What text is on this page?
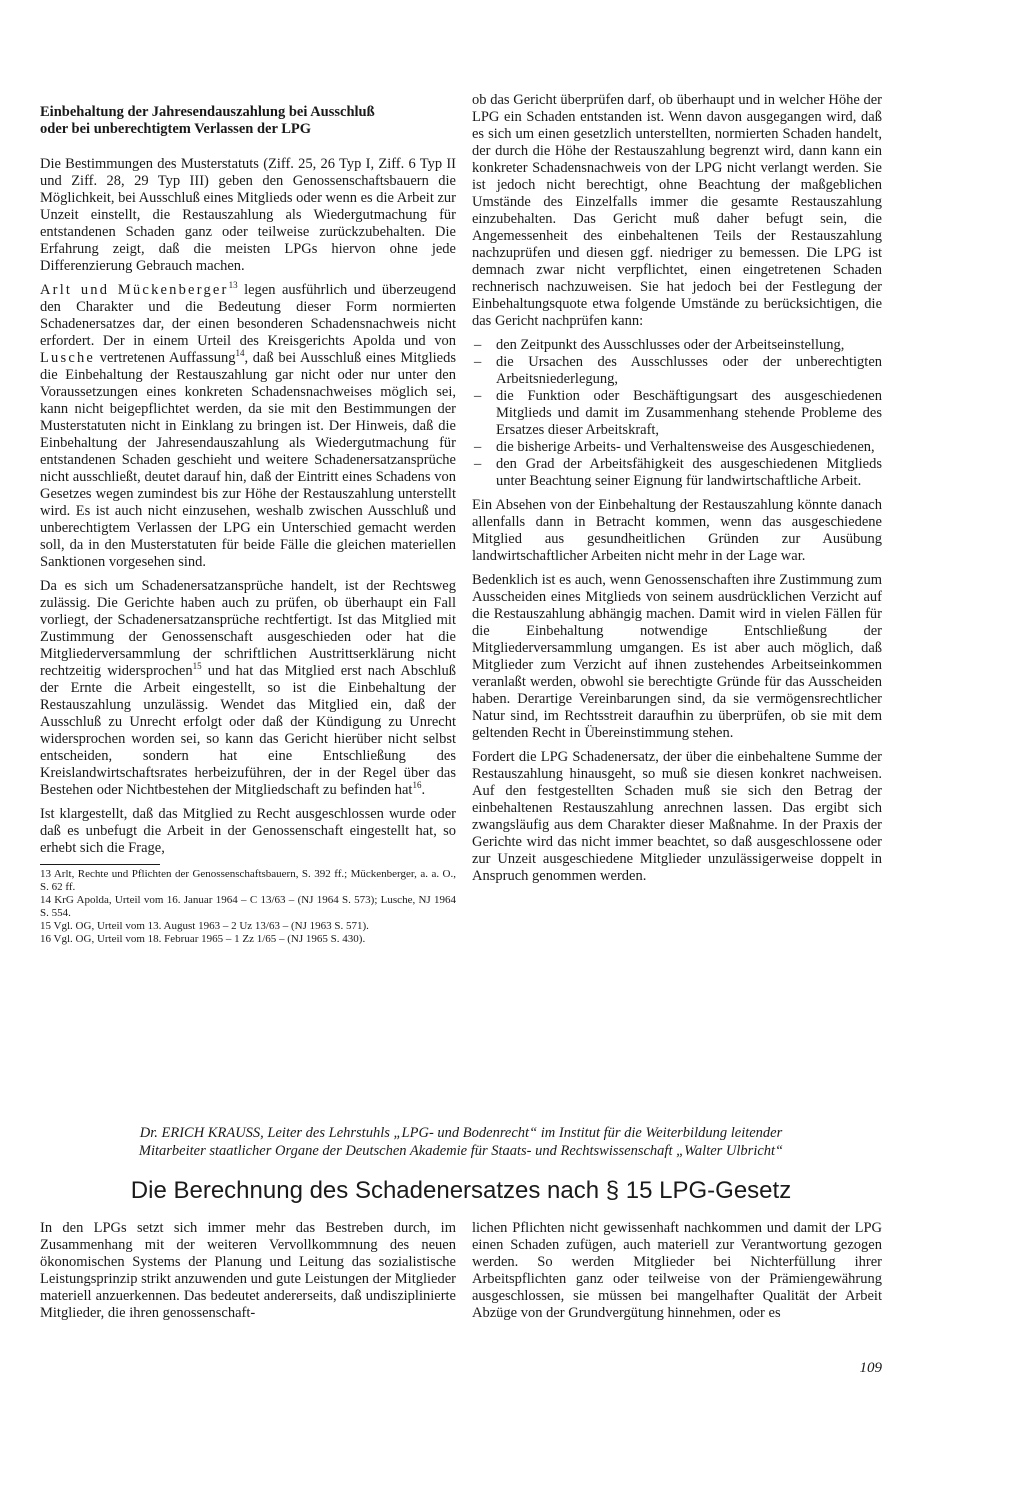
Einbehaltung der Jahresendauszahlung bei Ausschluß
oder bei unberechtigtem Verlassen der LPG

Die Bestimmungen des Musterstatuts (Ziff. 25, 26 Typ I, Ziff. 6 Typ II und Ziff. 28, 29 Typ III) geben den Genossenschaftsbauern die Möglichkeit, bei Ausschluß eines Mitglieds oder wenn es die Arbeit zur Unzeit einstellt, die Restauszahlung als Wiedergutmachung für entstandenen Schaden ganz oder teilweise zurückzubehalten. Die Erfahrung zeigt, daß die meisten LPGs hiervon ohne jede Differenzierung Gebrauch machen.

Arlt und Mückenberger$^{13}$ legen ausführlich und überzeugend den Charakter und die Bedeutung dieser Form normierten Schadenersatzes dar, der einen besonderen Schadensnachweis nicht erfordert. Der in einem Urteil des Kreisgerichts Apolda und von Lusche vertretenen Auffassung$^{14}$, daß bei Ausschluß eines Mitglieds die Einbehaltung der Restauszahlung gar nicht oder nur unter den Voraussetzungen eines konkreten Schadensnachweises möglich sei, kann nicht beigepflichtet werden, da sie mit den Bestimmungen der Musterstatuten nicht in Einklang zu bringen ist. Der Hinweis, daß die Einbehaltung der Jahresendauszahlung als Wiedergutmachung für entstandenen Schaden geschieht und weitere Schadenersatzansprüche nicht ausschließt, deutet darauf hin, daß der Eintritt eines Schadens von Gesetzes wegen zumindest bis zur Höhe der Restauszahlung unterstellt wird. Es ist auch nicht einzusehen, weshalb zwischen Ausschluß und unberechtigtem Verlassen der LPG ein Unterschied gemacht werden soll, da in den Musterstatuten für beide Fälle die gleichen materiellen Sanktionen vorgesehen sind.

Da es sich um Schadenersatzansprüche handelt, ist der Rechtsweg zulässig. Die Gerichte haben auch zu prüfen, ob überhaupt ein Fall vorliegt, der Schadenersatzansprüche rechtfertigt. Ist das Mitglied mit Zustimmung der Genossenschaft ausgeschieden oder hat die Mitgliederversammlung der schriftlichen Austrittserklärung nicht rechtzeitig widersprochen$^{15}$ und hat das Mitglied erst nach Abschluß der Ernte die Arbeit eingestellt, so ist die Einbehaltung der Restauszahlung unzulässig. Wendet das Mitglied ein, daß der Ausschluß zu Unrecht erfolgt oder daß der Kündigung zu Unrecht widersprochen worden sei, so kann das Gericht hierüber nicht selbst entscheiden, sondern hat eine Entschließung des Kreislandwirtschaftsrates herbeizuführen, der in der Regel über das Bestehen oder Nichtbestehen der Mitgliedschaft zu befinden hat$^{16}$.

Ist klargestellt, daß das Mitglied zu Recht ausgeschlossen wurde oder daß es unbefugt die Arbeit in der Genossenschaft eingestellt hat, so erhebt sich die Frage,

13 Arlt, Rechte und Pflichten der Genossenschaftsbauern, S. 392 ff.; Mückenberger, a. a. O., S. 62 ff.

14 KrG Apolda, Urteil vom 16. Januar 1964 – C 13/63 – (NJ 1964 S. 573); Lusche, NJ 1964 S. 554.

15 Vgl. OG, Urteil vom 13. August 1963 – 2 Uz 13/63 – (NJ 1963 S. 571).

16 Vgl. OG, Urteil vom 18. Februar 1965 – 1 Zz 1/65 – (NJ 1965 S. 430).

ob das Gericht überprüfen darf, ob überhaupt und in welcher Höhe der LPG ein Schaden entstanden ist. Wenn davon ausgegangen wird, daß es sich um einen gesetzlich unterstellten, normierten Schaden handelt, der durch die Höhe der Restauszahlung begrenzt wird, dann kann ein konkreter Schadensnachweis von der LPG nicht verlangt werden. Sie ist jedoch nicht berechtigt, ohne Beachtung der maßgeblichen Umstände des Einzelfalls immer die gesamte Restauszahlung einzubehalten. Das Gericht muß daher befugt sein, die Angemessenheit des einbehaltenen Teils der Restauszahlung nachzuprüfen und diesen ggf. niedriger zu bemessen. Die LPG ist demnach zwar nicht verpflichtet, einen eingetretenen Schaden rechnerisch nachzuweisen. Sie hat jedoch bei der Festlegung der Einbehaltungsquote etwa folgende Umstände zu berücksichtigen, die das Gericht nachprüfen kann:

– den Zeitpunkt des Ausschlusses oder der Arbeitseinstellung,
– die Ursachen des Ausschlusses oder der unberechtigten Arbeitsniederlegung,
– die Funktion oder Beschäftigungsart des ausgeschiedenen Mitglieds und damit im Zusammenhang stehende Probleme des Ersatzes dieser Arbeitskraft,
– die bisherige Arbeits- und Verhaltensweise des Ausgeschiedenen,
– den Grad der Arbeitsfähigkeit des ausgeschiedenen Mitglieds unter Beachtung seiner Eignung für landwirtschaftliche Arbeit.

Ein Absehen von der Einbehaltung der Restauszahlung könnte danach allenfalls dann in Betracht kommen, wenn das ausgeschiedene Mitglied aus gesundheitlichen Gründen zur Ausübung landwirtschaftlicher Arbeiten nicht mehr in der Lage war.

Bedenklich ist es auch, wenn Genossenschaften ihre Zustimmung zum Ausscheiden eines Mitglieds von seinem ausdrücklichen Verzicht auf die Restauszahlung abhängig machen. Damit wird in vielen Fällen für die Einbehaltung notwendige Entschließung der Mitgliederversammlung umgangen. Es ist aber auch möglich, daß Mitglieder zum Verzicht auf ihnen zustehendes Arbeitseinkommen veranlaßt werden, obwohl sie berechtigte Gründe für das Ausscheiden haben. Derartige Vereinbarungen sind, da sie vermögensrechtlicher Natur sind, im Rechtsstreit daraufhin zu überprüfen, ob sie mit dem geltenden Recht in Übereinstimmung stehen.

Fordert die LPG Schadenersatz, der über die einbehaltene Summe der Restauszahlung hinausgeht, so muß sie diesen konkret nachweisen. Auf den festgestellten Schaden muß sie sich den Betrag der einbehaltenen Restauszahlung anrechnen lassen. Das ergibt sich zwangsläufig aus dem Charakter dieser Maßnahme. In der Praxis der Gerichte wird das nicht immer beachtet, so daß ausgeschlossene oder zur Unzeit ausgeschiedene Mitglieder unzulässigerweise doppelt in Anspruch genommen werden.

Dr. ERICH KRAUSS, Leiter des Lehrstuhls „LPG- und Bodenrecht“ im Institut für die Weiterbildung leitender
Mitarbeiter staatlicher Organe der Deutschen Akademie für Staats- und Rechtswissenschaft „Walter Ulbricht“
Die Berechnung des Schadenersatzes nach § 15 LPG-Gesetz

In den LPGs setzt sich immer mehr das Bestreben durch, im Zusammenhang mit der weiteren Vervollkommnung des neuen ökonomischen Systems der Planung und Leitung das sozialistische Leistungsprinzip strikt anzuwenden und gute Leistungen der Mitglieder materiell anzuerkennen. Das bedeutet andererseits, daß undisziplinierte Mitglieder, die ihren genossenschaft-

lichen Pflichten nicht gewissenhaft nachkommen und damit der LPG einen Schaden zufügen, auch materiell zur Verantwortung gezogen werden. So werden Mitglieder bei Nichterfüllung ihrer Arbeitspflichten ganz oder teilweise von der Prämiengewährung ausgeschlossen, sie müssen bei mangelhafter Qualität der Arbeit Abzüge von der Grundvergütung hinnehmen, oder es

109
